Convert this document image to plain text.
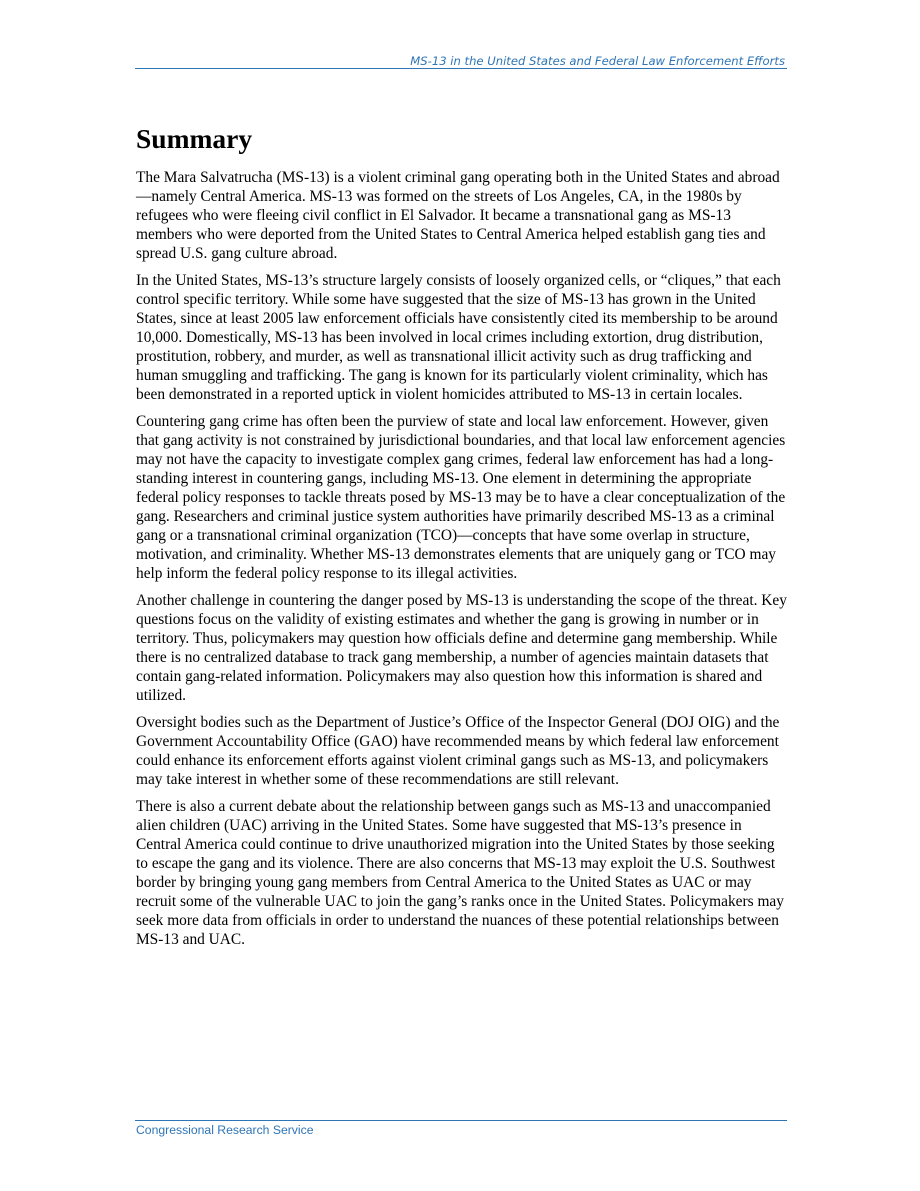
MS-13 in the United States and Federal Law Enforcement Efforts
Summary

The Mara Salvatrucha (MS-13) is a violent criminal gang operating both in the United States and abroad—namely Central America. MS-13 was formed on the streets of Los Angeles, CA, in the 1980s by refugees who were fleeing civil conflict in El Salvador. It became a transnational gang as MS-13 members who were deported from the United States to Central America helped establish gang ties and spread U.S. gang culture abroad.

In the United States, MS-13’s structure largely consists of loosely organized cells, or “cliques,” that each control specific territory. While some have suggested that the size of MS-13 has grown in the United States, since at least 2005 law enforcement officials have consistently cited its membership to be around 10,000. Domestically, MS-13 has been involved in local crimes including extortion, drug distribution, prostitution, robbery, and murder, as well as transnational illicit activity such as drug trafficking and human smuggling and trafficking. The gang is known for its particularly violent criminality, which has been demonstrated in a reported uptick in violent homicides attributed to MS-13 in certain locales.

Countering gang crime has often been the purview of state and local law enforcement. However, given that gang activity is not constrained by jurisdictional boundaries, and that local law enforcement agencies may not have the capacity to investigate complex gang crimes, federal law enforcement has had a long-standing interest in countering gangs, including MS-13. One element in determining the appropriate federal policy responses to tackle threats posed by MS-13 may be to have a clear conceptualization of the gang. Researchers and criminal justice system authorities have primarily described MS-13 as a criminal gang or a transnational criminal organization (TCO)—concepts that have some overlap in structure, motivation, and criminality. Whether MS-13 demonstrates elements that are uniquely gang or TCO may help inform the federal policy response to its illegal activities.

Another challenge in countering the danger posed by MS-13 is understanding the scope of the threat. Key questions focus on the validity of existing estimates and whether the gang is growing in number or in territory. Thus, policymakers may question how officials define and determine gang membership. While there is no centralized database to track gang membership, a number of agencies maintain datasets that contain gang-related information. Policymakers may also question how this information is shared and utilized.

Oversight bodies such as the Department of Justice’s Office of the Inspector General (DOJ OIG) and the Government Accountability Office (GAO) have recommended means by which federal law enforcement could enhance its enforcement efforts against violent criminal gangs such as MS-13, and policymakers may take interest in whether some of these recommendations are still relevant.

There is also a current debate about the relationship between gangs such as MS-13 and unaccompanied alien children (UAC) arriving in the United States. Some have suggested that MS-13’s presence in Central America could continue to drive unauthorized migration into the United States by those seeking to escape the gang and its violence. There are also concerns that MS-13 may exploit the U.S. Southwest border by bringing young gang members from Central America to the United States as UAC or may recruit some of the vulnerable UAC to join the gang’s ranks once in the United States. Policymakers may seek more data from officials in order to understand the nuances of these potential relationships between MS-13 and UAC.

Congressional Research Service
